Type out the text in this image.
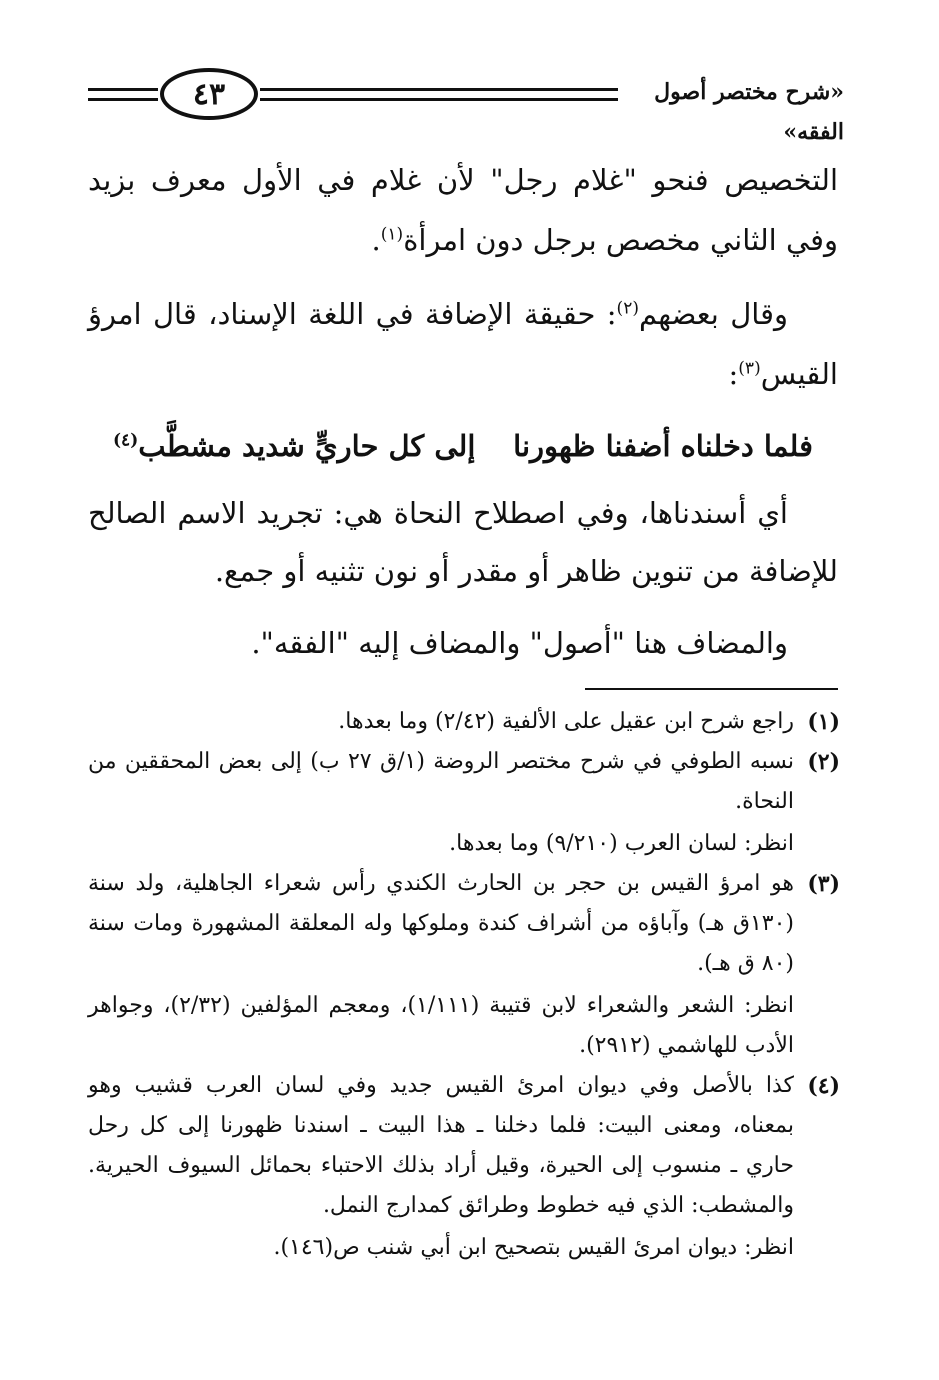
٤٣	«شرح مختصر أصول الفقه»

التخصيص فنحو "غلام رجل" لأن غلام في الأول معرف بزيد وفي الثاني مخصص برجل دون امرأة$^{(١)}$.

وقال بعضهم$^{(٢)}$: حقيقة الإضافة في اللغة الإسناد، قال امرؤ القيس$^{(٣)}$:

فلما دخلناه أضفنا ظهورنا
إلى كل حاريٍّ شديد مشطَّب$^{(٤)}$

أي أسندناها، وفي اصطلاح النحاة هي: تجريد الاسم الصالح للإضافة من تنوين ظاهر أو مقدر أو نون تثنيه أو جمع.

والمضاف هنا "أصول" والمضاف إليه "الفقه".

(١)

راجع شرح ابن عقيل على الألفية (٢/٤٢) وما بعدها.

(٢)

نسبه الطوفي في شرح مختصر الروضة (١/ق ٢٧ ب) إلى بعض المحققين من النحاة.

انظر: لسان العرب (٩/٢١٠) وما بعدها.

(٣)

هو امرؤ القيس بن حجر بن الحارث الكندي رأس شعراء الجاهلية، ولد سنة (١٣٠ق هـ) وآباؤه من أشراف كندة وملوكها وله المعلقة المشهورة ومات سنة (٨٠ ق هـ).

انظر: الشعر والشعراء لابن قتيبة (١/١١١)، ومعجم المؤلفين (٢/٣٢)، وجواهر الأدب للهاشمي (٢٩١٢).

(٤)

كذا بالأصل وفي ديوان امرئ القيس جديد وفي لسان العرب قشيب وهو بمعناه، ومعنى البيت: فلما دخلنا ـ هذا البيت ـ اسندنا ظهورنا إلى كل رحل حاري ـ منسوب إلى الحيرة، وقيل أراد بذلك الاحتباء بحمائل السيوف الحيرية. والمشطب: الذي فيه خطوط وطرائق كمدارج النمل.

انظر: ديوان امرئ القيس بتصحيح ابن أبي شنب ص(١٤٦).
